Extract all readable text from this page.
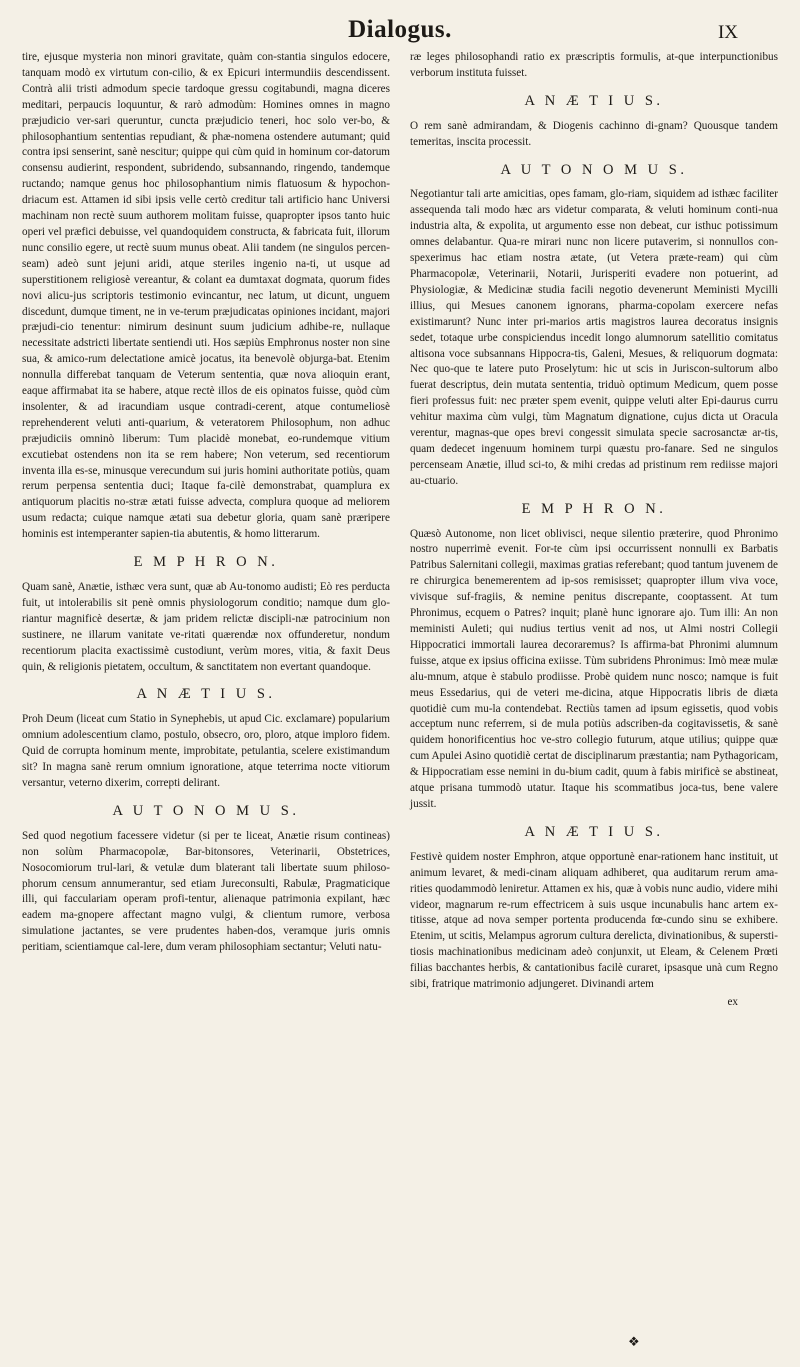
Dialogus.	IX

tire, ejusque mysteria non minori gravitate, quàm con-stantia singulos edocere, tanquam modò ex virtutum con-cilio, & ex Epicuri intermundiis descendissent. Contrà alii tristi admodum specie tardoque gressu cogitabundi, magna diceres meditari, perpaucis loquuntur, & rarò admodùm: Homines omnes in magno præjudicio ver-sari queruntur, cuncta præjudicio teneri, hoc solo ver-bo, & philosophantium sententias repudiant, & phæ-nomena ostendere autumant; quid contra ipsi senserint, sanè nescitur; quippe qui cùm quid in hominum cor-datorum consensu audierint, respondent, subridendo, subsannando, ringendo, tandemque ructando; namque genus hoc philosophantium nimis flatuosum & hypochon-driacum est. Attamen id sibi ipsis velle certò creditur tali artificio hanc Universi machinam non rectè suum authorem molitam fuisse, quapropter ipsos tanto huic operi vel præfici debuisse, vel quandoquidem constructa, & fabricata fuit, illorum nunc consilio egere, ut rectè suum munus obeat. Alii tandem (ne singulos percen-seam) adeò sunt jejuni aridi, atque steriles ingenio na-ti, ut usque ad superstitionem religiosè vereantur, & colant ea dumtaxat dogmata, quorum fides novi alicu-jus scriptoris testimonio evincantur, nec latum, ut dicunt, unguem discedunt, dumque timent, ne in ve-terum præjudicatas opiniones incidant, majori præjudi-cio tenentur: nimirum desinunt suum judicium adhibe-re, nullaque necessitate adstricti libertate sentiendi uti. Hos sæpiùs Emphronus noster non sine sua, & amico-rum delectatione amicè jocatus, ita benevolè objurga-bat. Etenim nonnulla differebat tanquam de Veterum sententia, quæ nova alioquin erant, eaque affirmabat ita se habere, atque rectè illos de eis opinatos fuisse, quòd cùm insolenter, & ad iracundiam usque contradi-cerent, atque contumeliosè reprehenderent veluti anti-quarium, & veteratorem Philosophum, non adhuc præjudiciis omninò liberum: Tum placidè monebat, eo-rundemque vitium excutiebat ostendens non ita se rem habere; Non veterum, sed recentiorum inventa illa es-se, minusque verecundum sui juris homini authoritate potiùs, quam rerum perpensa sententia duci; Itaque fa-cilè demonstrabat, quamplura ex antiquorum placitis no-stræ ætati fuisse advecta, complura quoque ad meliorem usum redacta; cuique namque ætati sua debetur gloria, quam sanè præripere hominis est intemperanter sapien-tia abutentis, & homo litterarum.

E M P H R O N.

Quam sanè, Anætie, isthæc vera sunt, quæ ab Au-tonomo audisti; Eò res perducta fuit, ut intolerabilis sit penè omnis physiologorum conditio; namque dum glo-riantur magnificè desertæ, & jam pridem relictæ discipli-næ patrocinium non sustinere, ne illarum vanitate ve-ritati quærendæ nox offunderetur, nondum recentiorum placita exactissimè custodiunt, verùm mores, vitia, & faxit Deus quin, & religionis pietatem, occultum, & sanctitatem non evertant quandoque.

A N Æ T I U S.

Proh Deum (liceat cum Statio in Synephebis, ut apud Cic. exclamare) popularium omnium adolescentium clamo, postulo, obsecro, oro, ploro, atque imploro fidem. Quid de corrupta hominum mente, improbitate, petulantia, scelere existimandum sit? In magna sanè rerum omnium ignoratione, atque teterrima nocte vitiorum versantur, veterno dixerim, correpti delirant.

A U T O N O M U S.

Sed quod negotium facessere videtur (si per te liceat, Anætie risum contineas) non solùm Pharmacopolæ, Bar-bitonsores, Veterinarii, Obstetrices, Nosocomiorum trul-lari, & vetulæ dum blaterant tali libertate suum philoso-phorum censum annumerantur, sed etiam Jureconsulti, Rabulæ, Pragmaticique illi, qui facculariam operam profi-tentur, alienaque patrimonia expilant, hæc eadem ma-gnopere affectant magno vulgi, & clientum rumore, verbosa simulatione jactantes, se vere prudentes haben-dos, veramque juris omnis peritiam, scientiamque cal-lere, dum veram philosophiam sectantur; Veluti natu-

ræ leges philosophandi ratio ex præscriptis formulis, at-que interpunctionibus verborum instituta fuisset.

A N Æ T I U S.

O rem sanè admirandam, & Diogenis cachinno di-gnam? Quousque tandem temeritas, inscita processit.

A U T O N O M U S.

Negotiantur tali arte amicitias, opes famam, glo-riam, siquidem ad isthæc faciliter assequenda tali modo hæc ars videtur comparata, & veluti hominum conti-nua industria alta, & expolita, ut argumento esse non debeat, cur isthuc potissimum omnes delabantur. Qua-re mirari nunc non licere putaverim, si nonnullos con-spexerimus hac etiam nostra ætate, (ut Vetera præte-ream) qui cùm Pharmacopolæ, Veterinarii, Notarii, Jurisperiti evadere non potuerint, ad Physiologiæ, & Medicinæ studia facili negotio devenerunt Meministi Mycilli illius, qui Mesues canonem ignorans, pharma-copolam exercere nefas existimarunt? Nunc inter pri-marios artis magistros laurea decoratus insignis sedet, totaque urbe conspiciendus incedit longo alumnorum satellitio comitatus altisona voce subsannans Hippocra-tis, Galeni, Mesues, & reliquorum dogmata: Nec quo-que te latere puto Proselytum: hic ut scis in Juriscon-sultorum albo fuerat descriptus, dein mutata sententia, triduò optimum Medicum, quem posse fieri professus fuit: nec præter spem evenit, quippe veluti alter Epi-daurus curru vehitur maxima cùm vulgi, tùm Magnatum dignatione, cujus dicta ut Oracula verentur, magnas-que opes brevi congessit simulata specie sacrosanctæ ar-tis, quam dedecet ingenuum hominem turpi quæstu pro-fanare. Sed ne singulos percenseam Anætie, illud sci-to, & mihi credas ad pristinum rem rediisse majori au-ctuario.

E M P H R O N.

Quæsò Autonome, non licet oblivisci, neque silentio præterire, quod Phronimo nostro nuperrimè evenit. For-te cùm ipsi occurrissent nonnulli ex Barbatis Patribus Salernitani collegii, maximas gratias referebant; quod tantum juvenem de re chirurgica benemerentem ad ip-sos remisisset; quapropter illum viva voce, vivisque suf-fragiis, & nemine penitus discrepante, cooptassent. At tum Phronimus, ecquem o Patres? inquit; planè hunc ignorare ajo. Tum illi: An non meministi Auleti; qui nudius tertius venit ad nos, ut Almi nostri Collegii Hippocratici immortali laurea decoraremus? Is affirma-bat Phronimi alumnum fuisse, atque ex ipsius officina exiisse. Tùm subridens Phronimus: Imò meæ mulæ alu-mnum, atque è stabulo prodiisse. Probè quidem nunc nosco; namque is fuit meus Essedarius, qui de veteri me-dicina, atque Hippocratis libris de diæta quotidiè cum mu-la contendebat. Rectiùs tamen ad ipsum egissetis, quod vobis acceptum nunc referrem, si de mula potiùs adscriben-da cogitavissetis, & sanè quidem honorificentius hoc ve-stro collegio futurum, atque utilius; quippe quæ cum Apulei Asino quotidiè certat de disciplinarum præstantia; nam Pythagoricam, & Hippocratiam esse nemini in du-bium cadit, quum à fabis mirificè se abstineat, atque prisana tummodò utatur. Itaque his scommatibus joca-tus, bene valere jussit.

A N Æ T I U S.

Festivè quidem noster Emphron, atque opportunè enar-rationem hanc instituit, ut animum levaret, & medi-cinam aliquam adhiberet, qua auditarum rerum ama-rities quodammodò leniretur. Attamen ex his, quæ à vobis nunc audio, videre mihi videor, magnarum re-rum effectricem à suis usque incunabulis hanc artem ex-titisse, atque ad nova semper portenta producenda fœ-cundo sinu se exhibere. Etenim, ut scitis, Melampus agrorum cultura derelicta, divinationibus, & supersti-tiosis machinationibus medicinam adeò conjunxit, ut Eleam, & Celenem Prœti filias bacchantes herbis, & cantationibus facilè curaret, ipsasque unà cum Regno sibi, fratrique matrimonio adjungeret. Divinandi artem

ex
❖
